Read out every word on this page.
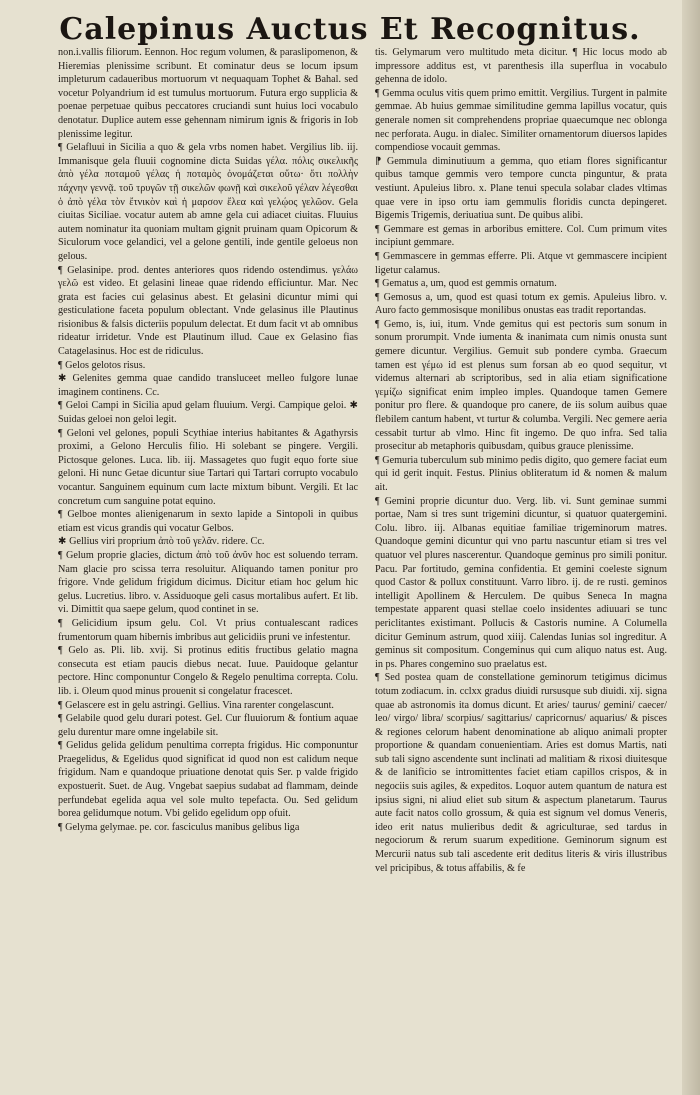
Calepinus Auctus Et Recognitus.

non.i.vallis filiorum. Eennon. Hoc regum volumen, & paraslipomenon, & Hieremias plenissime scribunt. Et cominatur deus se locum ipsum impleturum cadaueribus mortuorum vt nequaquam Tophet & Bahal. sed vocetur Polyandrium id est tumulus mortuorum. Futura ergo supplicia & poenae perpetuae quibus peccatores cruciandi sunt huius loci vocabulo denotatur. Duplice autem esse gehennam nimirum ignis & frigoris in Iob plenissime legitur.

¶ Gelafluui in Sicilia a quo & gela vrbs nomen habet. Vergilius lib. iij. Immanisque gela fluuii cognomine dicta Suidas γέλα. πόλις σικελικῆς ἀπὸ γέλα ποταμοῦ γέλας ἡ ποταμὸς ὀνομάζεται οὕτω· ὅτι πολλὴν πάχνην γεννᾷ. τοῦ τρυγῶν τῇ σικελῶν φωνῇ καὶ σικελοῦ γέλαν λέγεσθαι ὁ ἀπὸ γέλα τὸν ἔτνικὸν καὶ ἡ μαρσον ἔλεα καὶ γελῴος γελῶον. Gela ciuitas Siciliae. vocatur autem ab amne gela cui adiacet ciuitas. Fluuius autem nominatur ita quoniam multam gignit pruinam quam Opicorum & Siculorum voce gelandici, vel a gelone gentili, inde gentile geloeus non gelous.

¶ Gelasinipe. prod. dentes anteriores quos ridendo ostendimus. γελάω γελῶ est video. Et gelasini lineae quae ridendo efficiuntur. Mar. Nec grata est facies cui gelasinus abest. Et gelasini dicuntur mimi qui gesticulatione faceta populum oblectant. Vnde gelasinus ille Plautinus risionibus & falsis dicteriis populum delectat. Et dum facit vt ab omnibus rideatur irridetur. Vnde est Plautinum illud. Caue ex Gelasino fias Catagelasinus. Hoc est de ridiculus.

¶ Gelos gelotos risus.

✱ Gelenites gemma quae candido transluceet melleo fulgore lunae imaginem continens. Cc.

¶ Geloi Campi in Sicilia apud gelam fluuium. Vergi. Campique geloi. ✱ Suidas geloei non geloi legit.

¶ Geloni vel gelones, populi Scythiae interius habitantes & Agathyrsis proximi, a Gelono Herculis filio. Hi solebant se pingere. Vergili. Pictosque gelones. Luca. lib. iij. Massagetes quo fugit equo forte siue geloni. Hi nunc Getae dicuntur siue Tartari qui Tartari corrupto vocabulo vocantur. Sanguinem equinum cum lacte mixtum bibunt. Vergili. Et lac concretum cum sanguine potat equino.

¶ Gelboe montes alienigenarum in sexto lapide a Sintopoli in quibus etiam est vicus grandis qui vocatur Gelbos.

✱ Gellius viri proprium ἀπὸ τοῦ γελᾶν. ridere. Cc.

¶ Gelum proprie glacies, dictum ἀπὸ τοῦ ἀνῦν hoc est soluendo terram. Nam glacie pro scissa terra resoluitur. Aliquando tamen ponitur pro frigore. Vnde gelidum frigidum dicimus. Dicitur etiam hoc gelum hic gelus. Lucretius. libro. v. Assiduoque geli casus mortalibus aufert. Et lib. vi. Dimittit qua saepe gelum, quod continet in se.

¶ Gelicidium ipsum gelu. Col. Vt prius contualescant radices frumentorum quam hibernis imbribus aut gelicidiis pruni ve infestentur.

¶ Gelo as. Pli. lib. xvij. Si protinus editis fructibus gelatio magna consecuta est etiam paucis diebus necat. Iuue. Pauidoque gelantur pectore. Hinc componuntur Congelo & Regelo penultima correpta. Colu. lib. i. Oleum quod minus prouenit si congelatur fracescet.

¶ Gelascere est in gelu astringi. Gellius. Vina rarenter congelascunt.

¶ Gelabile quod gelu durari potest. Gel. Cur fluuiorum & fontium aquae gelu durentur mare omne ingelabile sit.

¶ Gelidus gelida gelidum penultima correpta frigidus. Hic componuntur Praegelidus, & Egelidus quod significat id quod non est calidum neque frigidum. Nam e quandoque priuatione denotat quis Ser. p valde frigido expostuerit. Suet. de Aug. Vngebat saepius sudabat ad flammam, deinde perfundebat egelida aqua vel sole multo tepefacta. Ou. Sed gelidum borea gelidumque notum. Vbi gelido egelidum opp ofuit.

¶ Gelyma gelymae. pe. cor. fasciculus manibus gelibus liga

tis. Gelymarum vero multitudo meta dicitur. ¶ Hic locus modo ab impressore additus est, vt parenthesis illa superflua in vocabulo gehenna de idolo.

¶ Gemma oculus vitis quem primo emittit. Vergilius. Turgent in palmite gemmae. Ab huius gemmae similitudine gemma lapillus vocatur, quis generale nomen sit comprehendens propriae quaecumque nec oblonga nec perforata. Augu. in dialec. Similiter ornamentorum diuersos lapides compendiose vocauit gemmas.

⁋ Gemmula diminutiuum a gemma, quo etiam flores significantur quibus tamque gemmis vero tempore cuncta pinguntur, & prata vestiunt. Apuleius libro. x. Plane tenui specula solabar clades vltimas quae vere in ipso ortu iam gemmulis floridis cuncta depingeret. Bigemis Trigemis, deriuatiua sunt. De quibus alibi.

¶ Gemmare est gemas in arboribus emittere. Col. Cum primum vites incipiunt gemmare.

¶ Gemmascere in gemmas efferre. Pli. Atque vt gemmascere incipient ligetur calamus.

¶ Gematus a, um, quod est gemmis ornatum.

¶ Gemosus a, um, quod est quasi totum ex gemis. Apuleius libro. v. Auro facto gemmosisque monilibus onustas eas tradit reportandas.

¶ Gemo, is, iui, itum. Vnde gemitus qui est pectoris sum sonum in sonum prorumpit. Vnde iumenta & inanimata cum nimis onusta sunt gemere dicuntur. Vergilius. Gemuit sub pondere cymba. Graecum tamen est γέμω id est plenus sum forsan ab eo quod sequitur, vt videmus alternari ab scriptoribus, sed in alia etiam significatione γεμίζω significat enim impleo imples. Quandoque tamen Gemere ponitur pro flere. & quandoque pro canere, de iis solum auibus quae flebilem cantum habent, vt turtur & columba. Vergili. Nec gemere aeria cessabit turtur ab vlmo. Hinc fit ingemo. De quo infra. Sed talia prosecitur ab metaphoris quibusdam, quibus grauce plenissime.

¶ Gemuria tuberculum sub minimo pedis digito, quo gemere faciat eum qui id gerit inquit. Festus. Plinius obliteratum id & nomen & malum ait.

¶ Gemini proprie dicuntur duo. Verg. lib. vi. Sunt geminae summi portae, Nam si tres sunt trigemini dicuntur, si quatuor quatergemini. Colu. libro. iij. Albanas equitiae familiae trigeminorum matres. Quandoque gemini dicuntur qui vno partu nascuntur etiam si tres vel quatuor vel plures nascerentur. Quandoque geminus pro simili ponitur. Pacu. Par fortitudo, gemina confidentia. Et gemini coeleste signum quod Castor & pollux constituunt. Varro libro. ij. de re rusti. geminos intelligit Apollinem & Herculem. De quibus Seneca In magna tempestate apparent quasi stellae coelo insidentes adiuuari se tunc periclitantes existimant. Pollucis & Castoris numine. A Columella dicitur Geminum astrum, quod xiiij. Calendas Iunias sol ingreditur. A geminus sit compositum. Congeminus qui cum aliquo natus est. Aug. in ps. Phares congemino suo praelatus est.

¶ Sed postea quam de constellatione geminorum tetigimus dicimus totum zodiacum. in. cclxx gradus diuidi rursusque sub diuidi. xij. signa quae ab astronomis ita domus dicunt. Et aries/ taurus/ gemini/ caecer/ leo/ virgo/ libra/ scorpius/ sagittarius/ capricornus/ aquarius/ & pisces & regiones celorum habent denominatione ab aliquo animali propter proportione & quandam conuenientiam. Aries est domus Martis, nati sub tali signo ascendente sunt inclinati ad malitiam & rixosi diuitesque & de lanificio se intromittentes faciet etiam capillos crispos, & in negociis suis agiles, & expeditos. Loquor autem quantum de natura est ipsius signi, ni aliud eliet sub situm & aspectum planetarum. Taurus aute facit natos collo grossum, & quia est signum vel domus Veneris, ideo erit natus mulieribus dedit & agriculturae, sed tardus in negociorum & rerum suarum expeditione. Geminorum signum est Mercurii natus sub tali ascedente erit deditus literis & viris illustribus vel pricipibus, & totus affabilis, & fe
